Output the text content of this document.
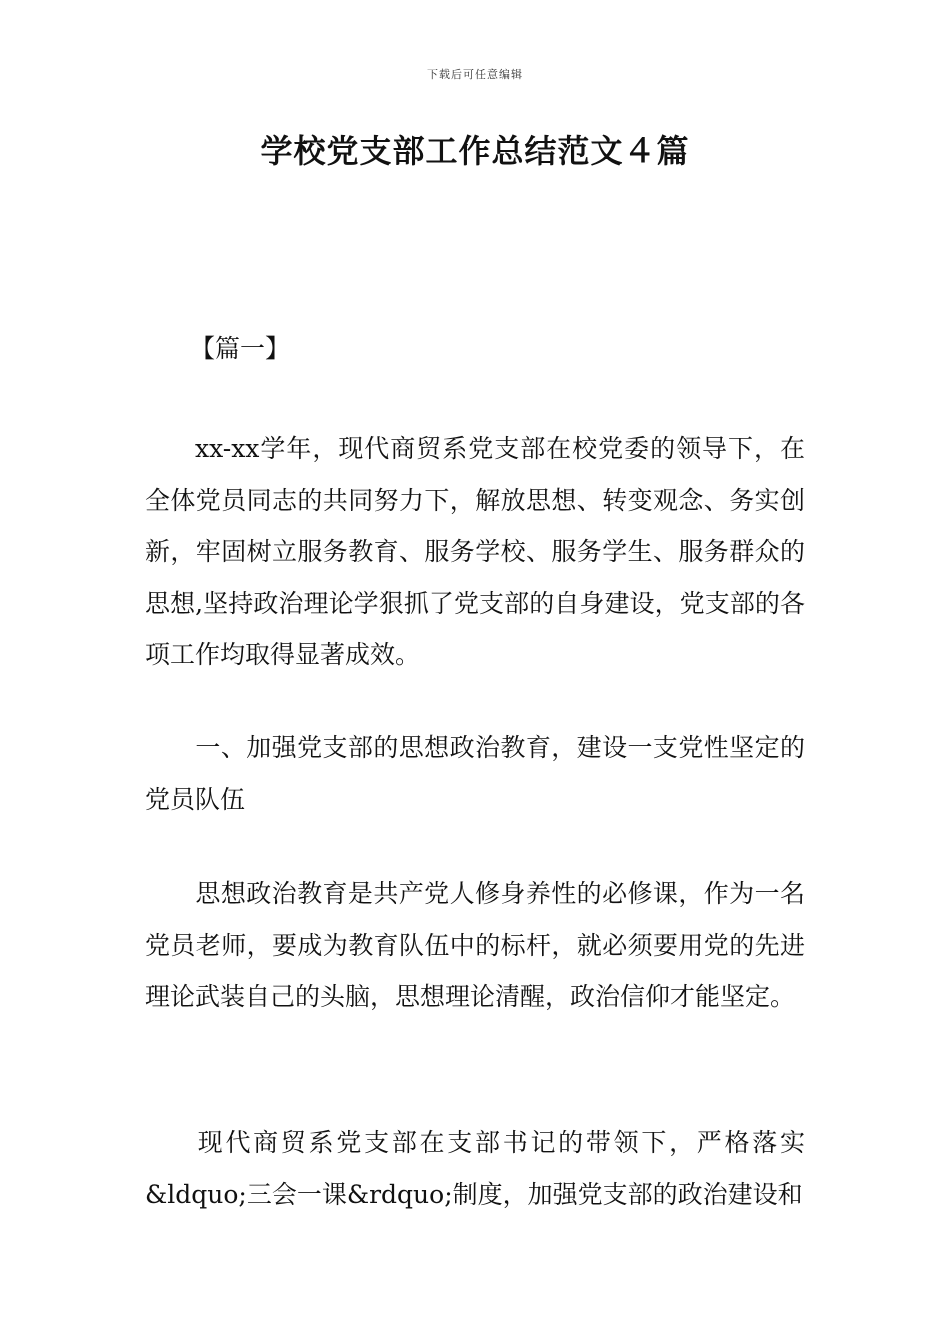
下载后可任意编辑
学校党支部工作总结范文４篇
【篇一】

xx-xx学年，现代商贸系党支部在校党委的领导下，在全体党员同志的共同努力下，解放思想、转变观念、务实创新，牢固树立服务教育、服务学校、服务学生、服务群众的思想,坚持政治理论学狠抓了党支部的自身建设，党支部的各项工作均取得显著成效。

一、加强党支部的思想政治教育，建设一支党性坚定的党员队伍

思想政治教育是共产党人修身养性的必修课，作为一名党员老师，要成为教育队伍中的标杆，就必须要用党的先进理论武装自己的头脑，思想理论清醒，政治信仰才能坚定。

现代商贸系党支部在支部书记的带领下，严格落实&ldquo;三会一课&rdquo;制度，加强党支部的政治建设和
